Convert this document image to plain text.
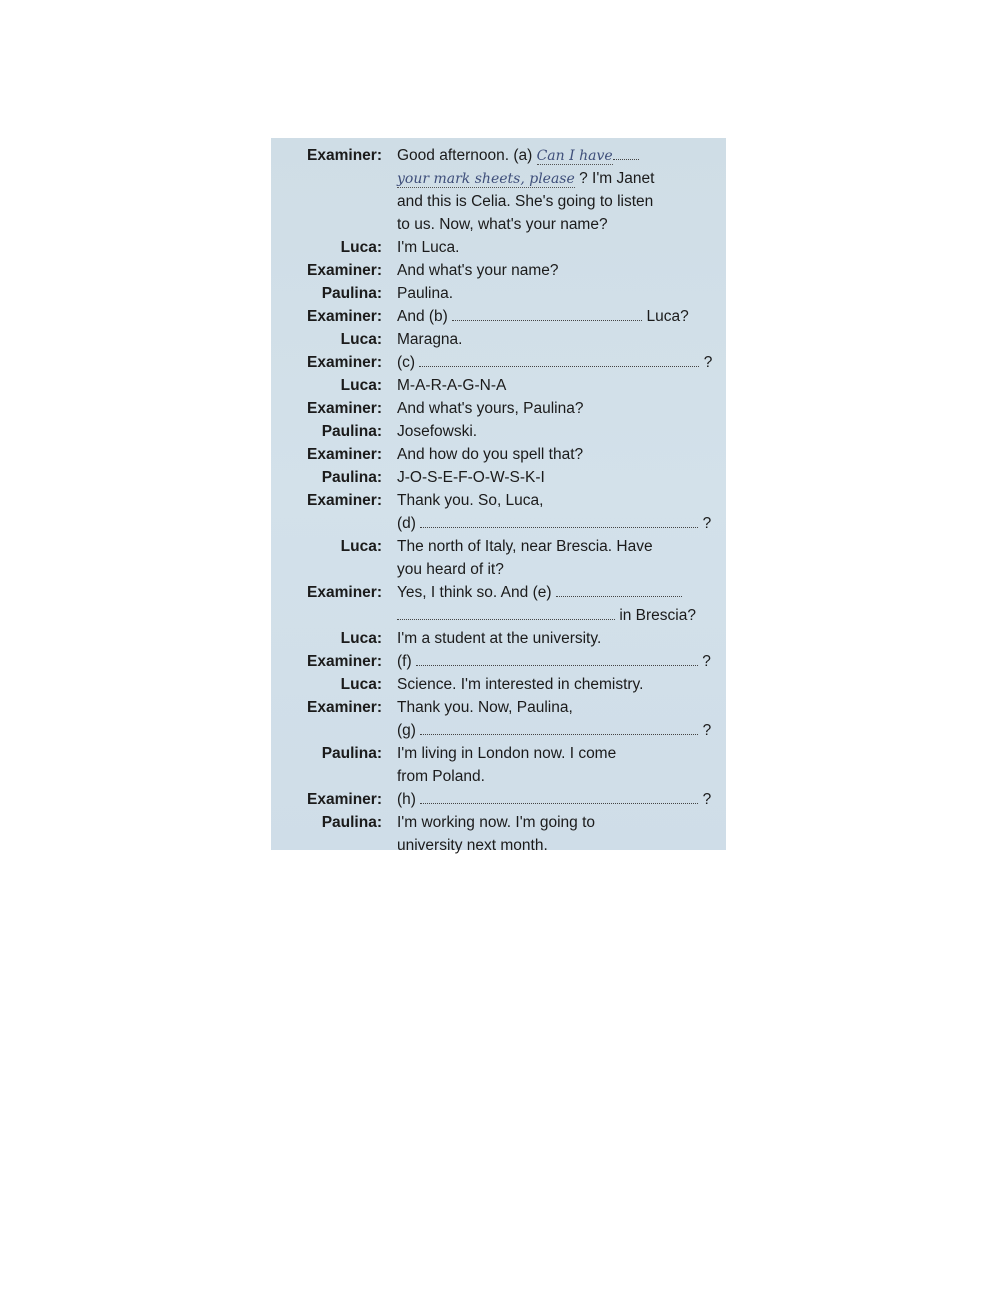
Examiner: Good afternoon. (a) Can I have
your mark sheets, please ? I'm Janet
and this is Celia. She's going to listen
to us. Now, what's your name?
Luca: I'm Luca.
Examiner: And what's your name?
Paulina: Paulina.
Examiner: And (b)	Luca?
Luca: Maragna.
Examiner: (c)	?
Luca: M-A-R-A-G-N-A
Examiner: And what's yours, Paulina?
Paulina: Josefowski.
Examiner: And how do you spell that?
Paulina: J-O-S-E-F-O-W-S-K-I
Examiner: Thank you. So, Luca,
(d)	?
Luca: The north of Italy, near Brescia. Have
you heard of it?
Examiner: Yes, I think so. And (e)
in Brescia?
Luca: I'm a student at the university.
Examiner: (f)	?
Luca: Science. I'm interested in chemistry.
Examiner: Thank you. Now, Paulina,
(g)	?
Paulina: I'm living in London now. I come
from Poland.
Examiner: (h)	?
Paulina: I'm working now. I'm going to
university next month.
